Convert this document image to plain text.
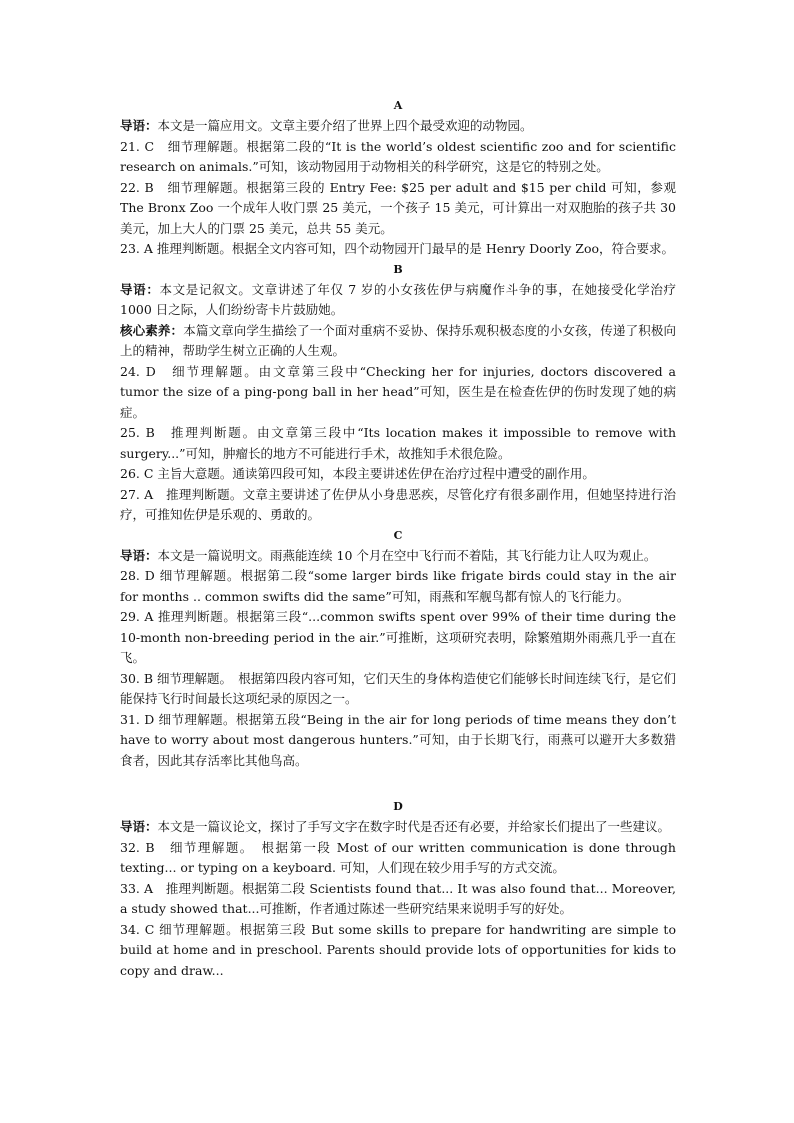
A

导语：本文是一篇应用文。文章主要介绍了世界上四个最受欢迎的动物园。

21. C　细节理解题。根据第二段的“It is the world’s oldest scientific zoo and for scientific research on animals.”可知，该动物园用于动物相关的科学研究，这是它的特别之处。

22. B　细节理解题。根据第三段的 Entry Fee: $25 per adult and $15 per child 可知，参观 The Bronx Zoo 一个成年人收门票 25 美元，一个孩子 15 美元，可计算出一对双胞胎的孩子共 30 美元，加上大人的门票 25 美元，总共 55 美元。

23. A 推理判断题。根据全文内容可知，四个动物园开门最早的是 Henry Doorly Zoo，符合要求。

B

导语：本文是记叙文。文章讲述了年仅 7 岁的小女孩佐伊与病魔作斗争的事，在她接受化学治疗 1000 日之际，人们纷纷寄卡片鼓励她。

核心素养：本篇文章向学生描绘了一个面对重病不妥协、保持乐观积极态度的小女孩，传递了积极向上的精神，帮助学生树立正确的人生观。

24. D　细节理解题。由文章第三段中“Checking her for injuries, doctors discovered a tumor the size of a ping-pong ball in her head”可知，医生是在检查佐伊的伤时发现了她的病症。

25. B　推理判断题。由文章第三段中“Its location makes it impossible to remove with surgery...”可知，肿瘤长的地方不可能进行手术，故推知手术很危险。

26. C 主旨大意题。通读第四段可知，本段主要讲述佐伊在治疗过程中遭受的副作用。

27. A　推理判断题。文章主要讲述了佐伊从小身患恶疾，尽管化疗有很多副作用，但她坚持进行治疗，可推知佐伊是乐观的、勇敢的。

C

导语：本文是一篇说明文。雨燕能连续 10 个月在空中飞行而不着陆，其飞行能力让人叹为观止。

28. D 细节理解题。根据第二段“some larger birds like frigate birds could stay in the air for months .. common swifts did the same”可知，雨燕和军舰鸟都有惊人的飞行能力。

29. A 推理判断题。根据第三段“...common swifts spent over 99% of their time during the 10-month non-breeding period in the air.”可推断，这项研究表明，除繁殖期外雨燕几乎一直在飞。

30. B 细节理解题。　根据第四段内容可知，它们天生的身体构造使它们能够长时间连续飞行，是它们能保持飞行时间最长这项纪录的原因之一。

31. D 细节理解题。根据第五段“Being in the air for long periods of time means they don’t have to worry about most dangerous hunters.”可知，由于长期飞行，雨燕可以避开大多数猎食者，因此其存活率比其他鸟高。

D

导语：本文是一篇议论文，探讨了手写文字在数字时代是否还有必要，并给家长们提出了一些建议。

32. B　细节理解题。　根据第一段 Most of our written communication is done through texting... or typing on a keyboard. 可知，人们现在较少用手写的方式交流。

33. A　推理判断题。根据第二段 Scientists found that... It was also found that... Moreover, a study showed that...可推断，作者通过陈述一些研究结果来说明手写的好处。

34. C 细节理解题。根据第三段 But some skills to prepare for handwriting are simple to build at home and in preschool. Parents should provide lots of opportunities for kids to copy and draw...
